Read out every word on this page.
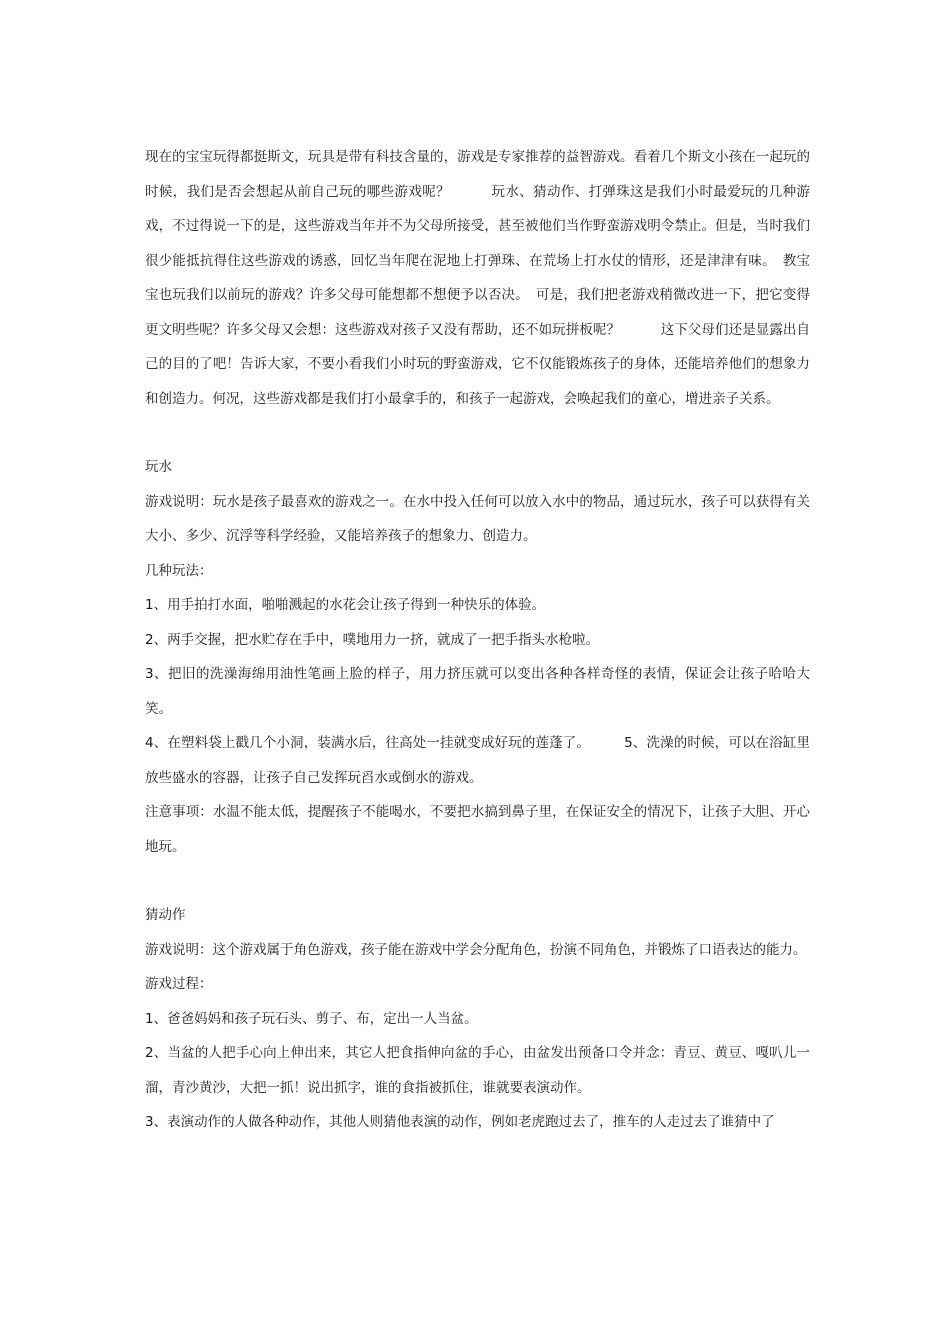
现在的宝宝玩得都挺斯文，玩具是带有科技含量的，游戏是专家推荐的益智游戏。看着几个斯文小孩在一起玩的时候，我们是否会想起从前自己玩的哪些游戏呢？　　　玩水、猜动作、打弹珠这是我们小时最爱玩的几种游戏，不过得说一下的是，这些游戏当年并不为父母所接受，甚至被他们当作野蛮游戏明令禁止。但是，当时我们很少能抵抗得住这些游戏的诱惑，回忆当年爬在泥地上打弹珠、在荒场上打水仗的情形，还是津津有味。　教宝宝也玩我们以前玩的游戏？许多父母可能想都不想便予以否决。　可是，我们把老游戏稍微改进一下，把它变得更文明些呢？许多父母又会想：这些游戏对孩子又没有帮助，还不如玩拼板呢？　　　这下父母们还是显露出自己的目的了吧！告诉大家，不要小看我们小时玩的野蛮游戏，它不仅能锻炼孩子的身体，还能培养他们的想象力和创造力。何况，这些游戏都是我们打小最拿手的，和孩子一起游戏，会唤起我们的童心，增进亲子关系。

玩水

游戏说明：玩水是孩子最喜欢的游戏之一。在水中投入任何可以放入水中的物品，通过玩水，孩子可以获得有关大小、多少、沉浮等科学经验，又能培养孩子的想象力、创造力。

几种玩法：

1、用手拍打水面，啪啪溅起的水花会让孩子得到一种快乐的体验。

2、两手交握，把水贮存在手中，噗地用力一挤，就成了一把手指头水枪啦。

3、把旧的洗澡海绵用油性笔画上脸的样子，用力挤压就可以变出各种各样奇怪的表情，保证会让孩子哈哈大笑。

4、在塑料袋上戳几个小洞，装满水后，往高处一挂就变成好玩的莲蓬了。　　　5、洗澡的时候，可以在浴缸里放些盛水的容器，让孩子自己发挥玩舀水或倒水的游戏。

注意事项：水温不能太低，提醒孩子不能喝水，不要把水搞到鼻子里，在保证安全的情况下，让孩子大胆、开心地玩。

猜动作

游戏说明：这个游戏属于角色游戏，孩子能在游戏中学会分配角色，扮演不同角色，并锻炼了口语表达的能力。

游戏过程：

1、爸爸妈妈和孩子玩石头、剪子、布，定出一人当盆。

2、当盆的人把手心向上伸出来，其它人把食指伸向盆的手心，由盆发出预备口令并念：青豆、黄豆、嘎叭儿一溜，青沙黄沙，大把一抓！说出抓字，谁的食指被抓住，谁就要表演动作。

3、表演动作的人做各种动作，其他人则猜他表演的动作，例如老虎跑过去了，推车的人走过去了谁猜中了
